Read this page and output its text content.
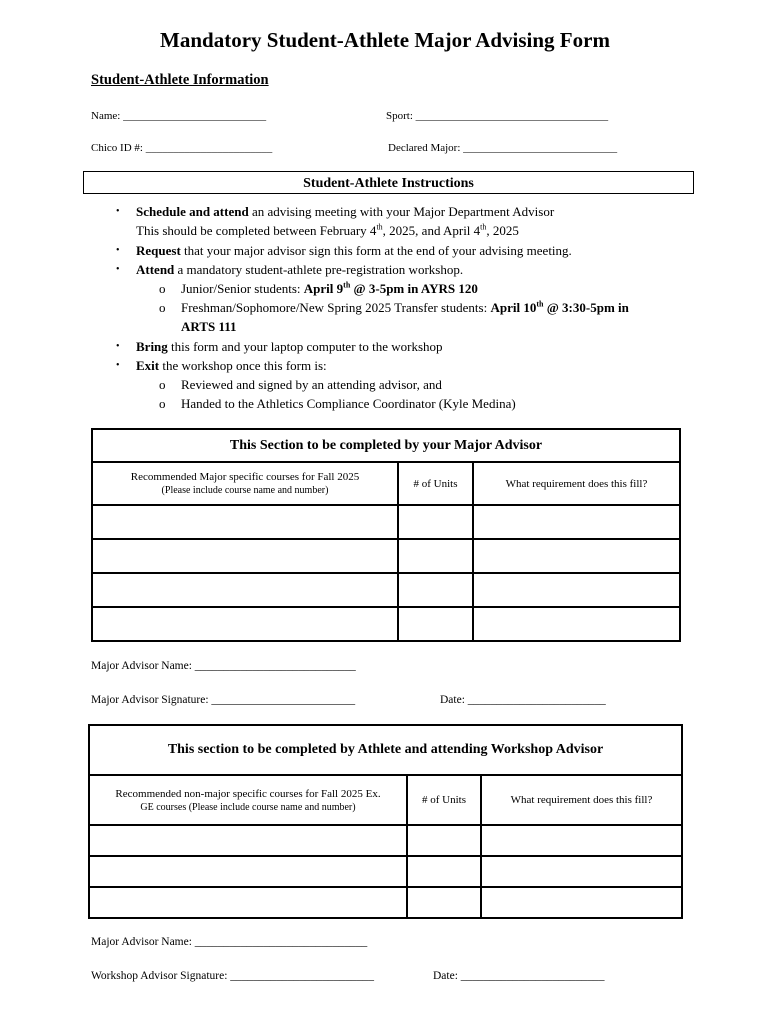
Mandatory Student-Athlete Major Advising Form
Student-Athlete Information
Name: __________________________	Sport: ___________________________________
Chico ID #: _______________________	Declared Major: ____________________________
Student-Athlete Instructions
• Schedule and attend an advising meeting with your Major Department Advisor
This should be completed between February 4th, 2025, and April 4th, 2025
• Request that your major advisor sign this form at the end of your advising meeting.
• Attend a mandatory student-athlete pre-registration workshop.
o Junior/Senior students: April 9th @ 3-5pm in AYRS 120
o Freshman/Sophomore/New Spring 2025 Transfer students: April 10th @ 3:30-5pm in
ARTS 111
• Bring this form and your laptop computer to the workshop
• Exit the workshop once this form is:
o Reviewed and signed by an attending advisor, and
o Handed to the Athletics Compliance Coordinator (Kyle Medina)
This Section to be completed by your Major Advisor		
Recommended Major specific courses for Fall 2025
(Please include course name and number)	# of Units	What requirement does this fill?

Major Advisor Name: ____________________________
Major Advisor Signature: _________________________	Date: ________________________
This section to be completed by Athlete and attending Workshop Advisor		
Recommended non-major specific courses for Fall 2025 Ex.
GE courses (Please include course name and number)	# of Units	What requirement does this fill?

Major Advisor Name: ______________________________
Workshop Advisor Signature: _________________________	Date: _________________________
